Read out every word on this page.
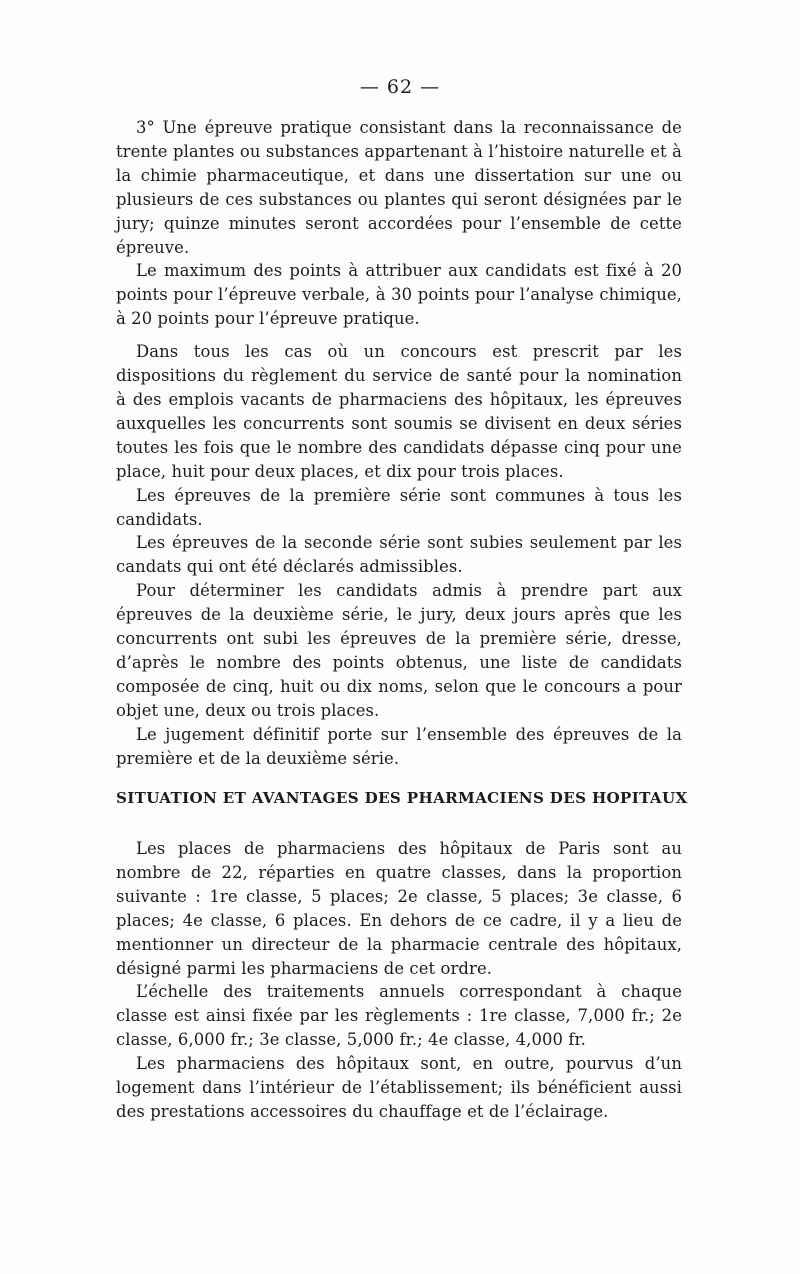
— 62 —

3° Une épreuve pratique consistant dans la reconnaissance de trente plantes ou substances appartenant à l’histoire naturelle et à la chimie pharmaceutique, et dans une dissertation sur une ou plusieurs de ces substances ou plantes qui seront désignées par le jury; quinze minutes seront accordées pour l’ensemble de cette épreuve.

Le maximum des points à attribuer aux candidats est fixé à 20 points pour l’épreuve verbale, à 30 points pour l’analyse chimique, à 20 points pour l’épreuve pratique.

Dans tous les cas où un concours est prescrit par les dispositions du règlement du service de santé pour la nomination à des emplois vacants de pharmaciens des hôpitaux, les épreuves auxquelles les concurrents sont soumis se divisent en deux séries toutes les fois que le nombre des candidats dépasse cinq pour une place, huit pour deux places, et dix pour trois places.

Les épreuves de la première série sont communes à tous les candidats.

Les épreuves de la seconde série sont subies seulement par les candats qui ont été déclarés admissibles.

Pour déterminer les candidats admis à prendre part aux épreuves de la deuxième série, le jury, deux jours après que les concurrents ont subi les épreuves de la première série, dresse, d’après le nombre des points obtenus, une liste de candidats composée de cinq, huit ou dix noms, selon que le concours a pour objet une, deux ou trois places.

Le jugement définitif porte sur l’ensemble des épreuves de la première et de la deuxième série.

SITUATION ET AVANTAGES DES PHARMACIENS DES HOPITAUX

Les places de pharmaciens des hôpitaux de Paris sont au nombre de 22, réparties en quatre classes, dans la proportion suivante : 1re classe, 5 places; 2e classe, 5 places; 3e classe, 6 places; 4e classe, 6 places. En dehors de ce cadre, il y a lieu de mentionner un directeur de la pharmacie centrale des hôpitaux, désigné parmi les pharmaciens de cet ordre.

L’échelle des traitements annuels correspondant à chaque classe est ainsi fixée par les règlements : 1re classe, 7,000 fr.; 2e classe, 6,000 fr.; 3e classe, 5,000 fr.; 4e classe, 4,000 fr.

Les pharmaciens des hôpitaux sont, en outre, pourvus d’un logement dans l’intérieur de l’établissement; ils bénéficient aussi des prestations accessoires du chauffage et de l’éclairage.
